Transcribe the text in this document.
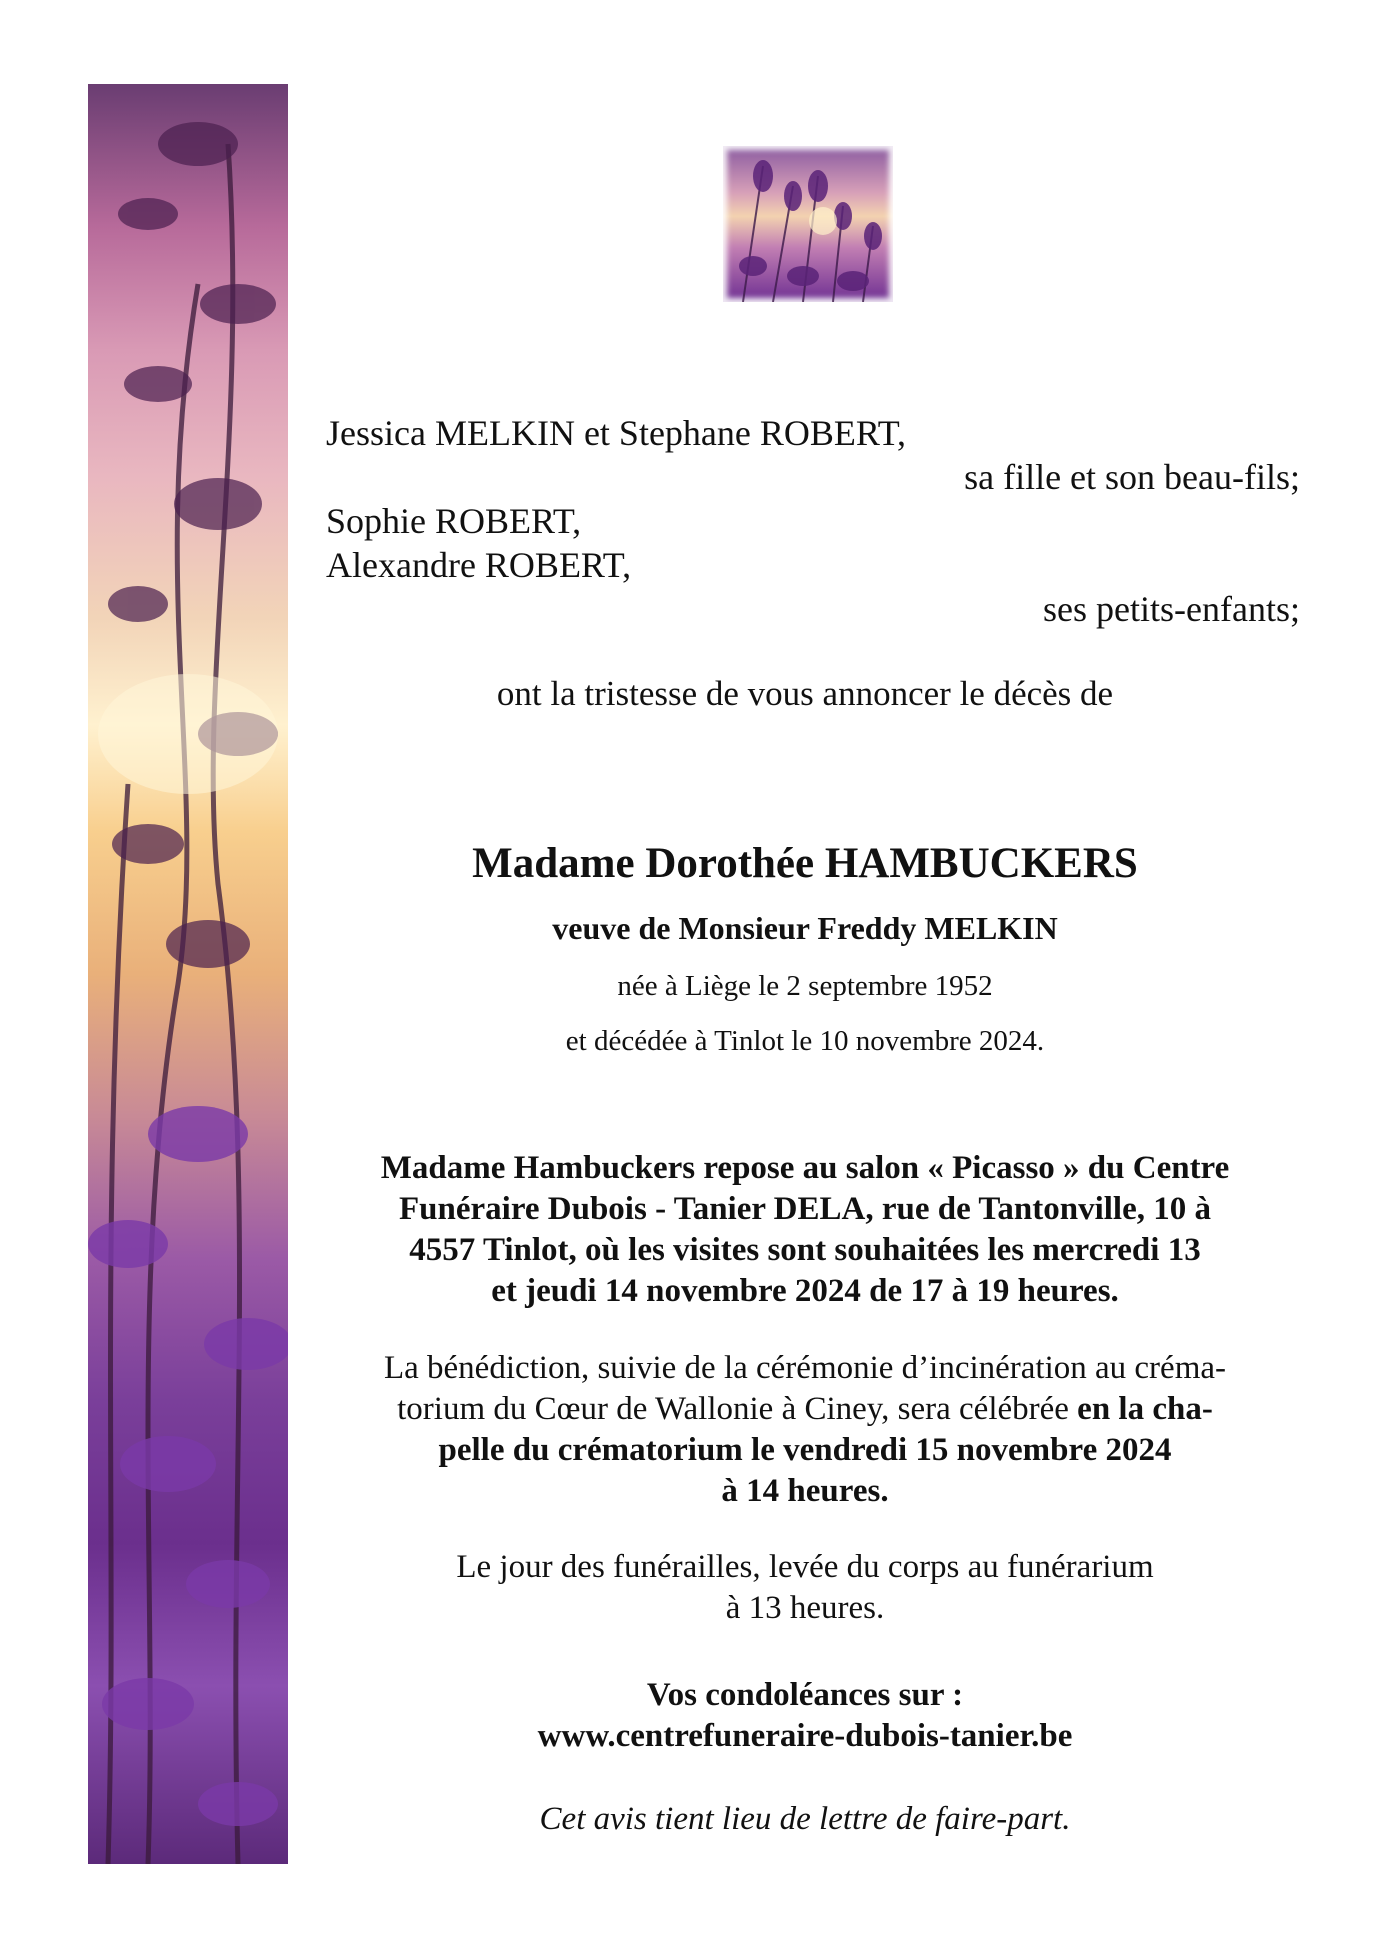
Jessica MELKIN et Stephane ROBERT,
sa fille et son beau-fils;
Sophie ROBERT,
Alexandre ROBERT,
ses petits-enfants;
ont la tristesse de vous annoncer le décès de
Madame Dorothée HAMBUCKERS
veuve de Monsieur Freddy MELKIN
née à Liège le 2 septembre 1952
et décédée à Tinlot le 10 novembre 2024.
Madame Hambuckers repose au salon « Picasso » du Centre
Funéraire Dubois - Tanier DELA, rue de Tantonville, 10 à
4557 Tinlot, où les visites sont souhaitées les mercredi 13
et jeudi 14 novembre 2024 de 17 à 19 heures.
La bénédiction, suivie de la cérémonie d’incinération au créma-
torium du Cœur de Wallonie à Ciney, sera célébrée en la cha-
pelle du crématorium le vendredi 15 novembre 2024
à 14 heures.
Le jour des funérailles, levée du corps au funérarium
à 13 heures.
Vos condoléances sur :
www.centrefuneraire-dubois-tanier.be
Cet avis tient lieu de lettre de faire-part.
